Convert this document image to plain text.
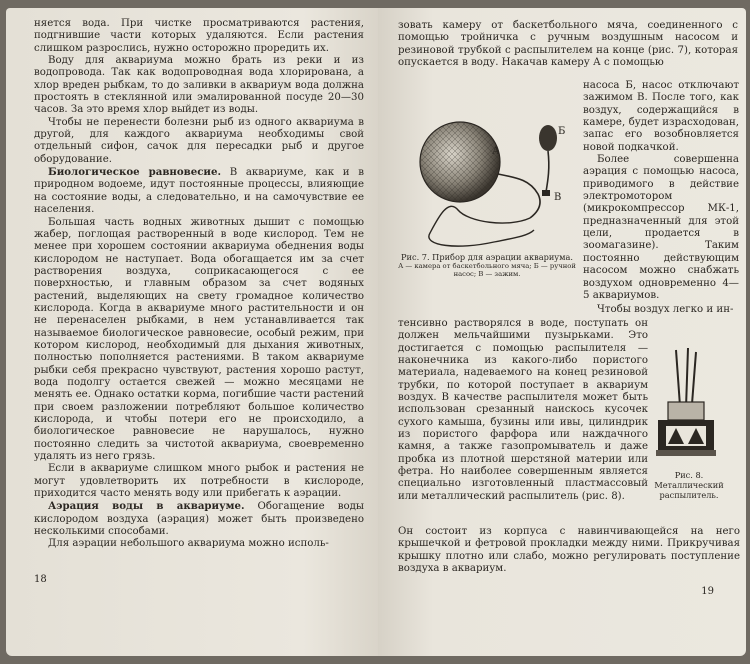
няется вода. При чистке просматриваются растения, подгнившие части которых удаляются. Если растения слишком разрослись, нужно осторожно проредить их.

Воду для аквариума можно брать из реки и из водопровода. Так как водопроводная вода хлорирована, а хлор вреден рыбкам, то до заливки в аквариум вода должна простоять в стеклянной или эмалированной посуде 20—30 часов. За это время хлор выйдет из воды.

Чтобы не перенести болезни рыб из одного аквариума в другой, для каждого аквариума необходимы свой отдельный сифон, сачок для пересадки рыб и другое оборудование.

Биологическое равновесие. В аквариуме, как и в природном водоеме, идут постоянные процессы, влияющие на состояние воды, а следовательно, и на самочувствие ее населения.

Большая часть водных животных дышит с помощью жабер, поглощая растворенный в воде кислород. Тем не менее при хорошем состоянии аквариума обеднения воды кислородом не наступает. Вода обогащается им за счет растворения воздуха, соприкасающегося с ее поверхностью, и главным образом за счет водяных растений, выделяющих на свету громадное количество кислорода. Когда в аквариуме много растительности и он не перенаселен рыбками, в нем устанавливается так называемое биологическое равновесие, особый режим, при котором кислород, необходимый для дыхания животных, полностью пополняется растениями. В таком аквариуме рыбки себя прекрасно чувствуют, растения хорошо растут, вода подолгу остается свежей — можно месяцами не менять ее. Однако остатки корма, погибшие части растений при своем разложении потребляют большое количество кислорода, и чтобы потери его не происходило, а биологическое равновесие не нарушалось, нужно постоянно следить за чистотой аквариума, своевременно удалять из него грязь.

Если в аквариуме слишком много рыбок и растения не могут удовлетворить их потребности в кислороде, приходится часто менять воду или прибегать к аэрации.

Аэрация воды в аквариуме. Обогащение воды кислородом воздуха (аэрация) может быть произведено несколькими способами.

Для аэрации небольшого аквариума можно исполь-

18
зовать камеру от баскетбольного мяча, соединенного с помощью тройничка с ручным воздушным насосом и резиновой трубкой с распылителем на конце (рис. 7), которая опускается в воду. Накачав камеру А с помощью
А
Б
В
Рис. 7. Прибор для аэрации аквариума.
А — камера от баскетбольного мяча; Б — ручной насос; В — зажим.

насоса Б, насос отключают зажимом В. После того, как воздух, содержащийся в камере, будет израсходован, запас его возобновляется новой подкачкой.

Более совершенна аэрация с помощью насоса, приводимого в действие электромотором (микрокомпрессор МК-1, предназначенный для этой цели, продается в зоомагазине). Таким постоянно действующим насосом можно снабжать воздухом одновременно 4—5 аквариумов.

Чтобы воздух легко и ин-

тенсивно растворялся в воде, поступать он должен мельчайшими пузырьками. Это достигается с помощью распылителя — наконечника из какого-либо пористого материала, надеваемого на конец резиновой трубки, по которой поступает в аквариум воздух. В качестве распылителя может быть использован срезанный наискось кусочек сухого камыша, бузины или ивы, цилиндрик из пористого фарфора или наждачного камня, а также газопромыватель и даже пробка из плотной шерстяной материи или фетра. Но наиболее совершенным является специально изготовленный пластмассовый или металлический распылитель (рис. 8).
Рис. 8. Металлический распылитель.
Он состоит из корпуса с навинчивающейся на него крышечкой и фетровой прокладки между ними. Прикручивая крышку плотно или слабо, можно регулировать поступление воздуха в аквариум.
19
